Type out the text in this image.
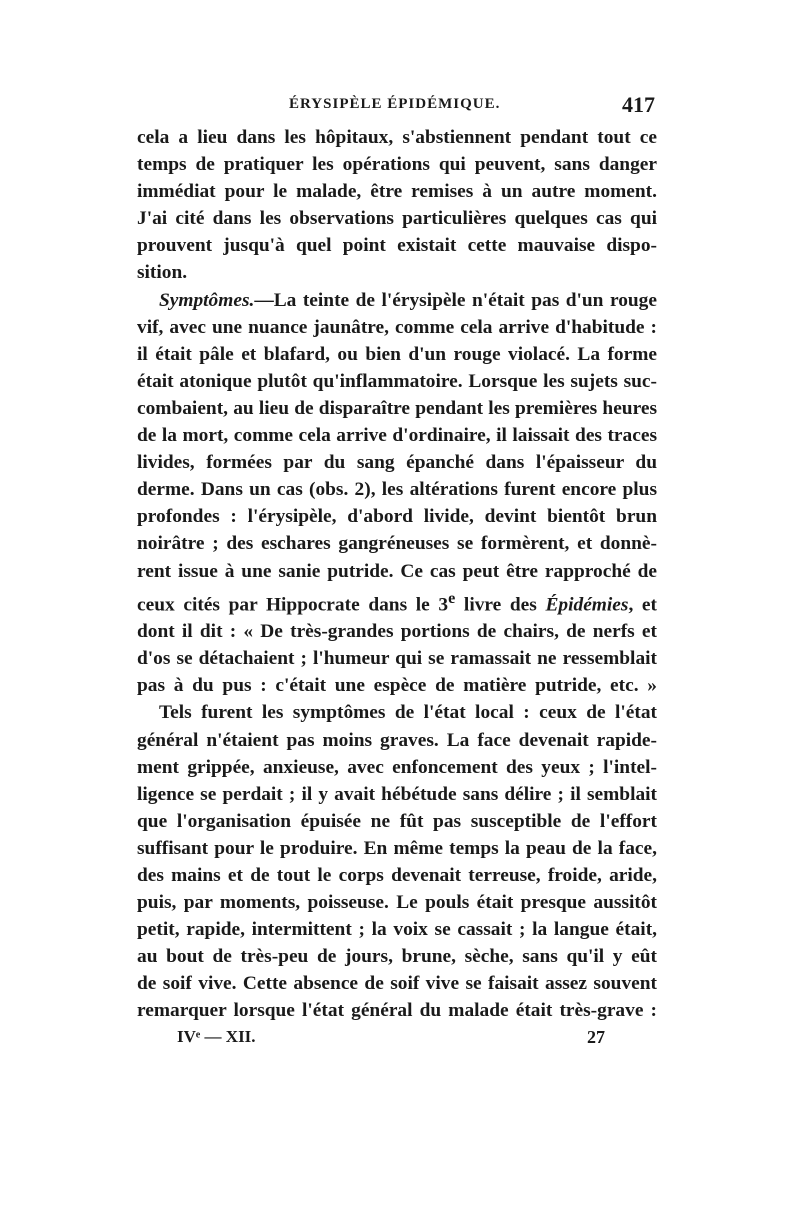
ÉRYSIPÈLE ÉPIDÉMIQUE.	417

cela a lieu dans les hôpitaux, s'abstiennent pendant tout ce
temps de pratiquer les opérations qui peuvent, sans danger
immédiat pour le malade, être remises à un autre moment.
J'ai cité dans les observations particulières quelques cas qui
prouvent jusqu'à quel point existait cette mauvaise dispo-
sition.

Symptômes.—La teinte de l'érysipèle n'était pas d'un rouge
vif, avec une nuance jaunâtre, comme cela arrive d'habitude :
il était pâle et blafard, ou bien d'un rouge violacé. La forme
était atonique plutôt qu'inflammatoire. Lorsque les sujets suc-
combaient, au lieu de disparaître pendant les premières heures
de la mort, comme cela arrive d'ordinaire, il laissait des traces
livides, formées par du sang épanché dans l'épaisseur du
derme. Dans un cas (obs. 2), les altérations furent encore plus
profondes : l'érysipèle, d'abord livide, devint bientôt brun
noirâtre ; des eschares gangréneuses se formèrent, et donnè-
rent issue à une sanie putride. Ce cas peut être rapproché de
ceux cités par Hippocrate dans le 3e livre des Épidémies, et
dont il dit : « De très-grandes portions de chairs, de nerfs et
d'os se détachaient ; l'humeur qui se ramassait ne ressemblait
pas à du pus : c'était une espèce de matière putride, etc. »

Tels furent les symptômes de l'état local : ceux de l'état
général n'étaient pas moins graves. La face devenait rapide-
ment grippée, anxieuse, avec enfoncement des yeux ; l'intel-
ligence se perdait ; il y avait hébétude sans délire ; il semblait
que l'organisation épuisée ne fût pas susceptible de l'effort
suffisant pour le produire. En même temps la peau de la face,
des mains et de tout le corps devenait terreuse, froide, aride,
puis, par moments, poisseuse. Le pouls était presque aussitôt
petit, rapide, intermittent ; la voix se cassait ; la langue était,
au bout de très-peu de jours, brune, sèche, sans qu'il y eût
de soif vive. Cette absence de soif vive se faisait assez souvent
remarquer lorsque l'état général du malade était très-grave :

IVᵉ — XII.	27
